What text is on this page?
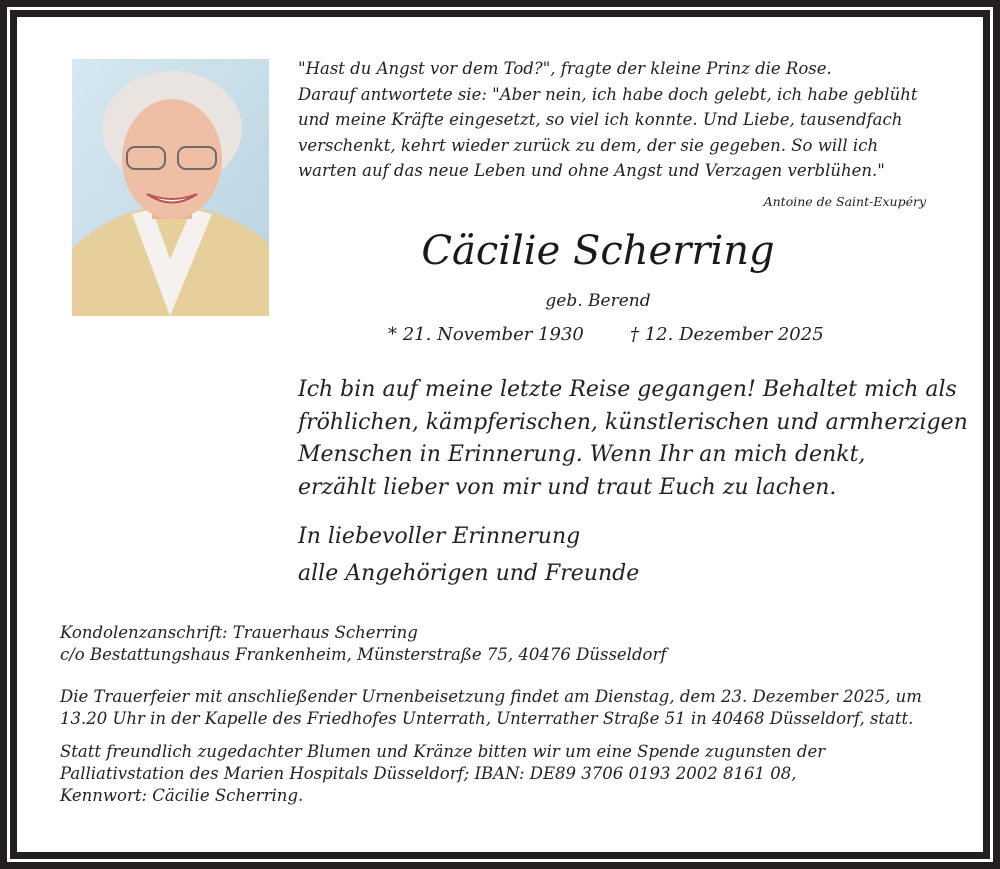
"Hast du Angst vor dem Tod?", fragte der kleine Prinz die Rose.
Darauf antwortete sie: "Aber nein, ich habe doch gelebt, ich habe geblüht
und meine Kräfte eingesetzt, so viel ich konnte. Und Liebe, tausendfach
verschenkt, kehrt wieder zurück zu dem, der sie gegeben. So will ich
warten auf das neue Leben und ohne Angst und Verzagen verblühen."
Antoine de Saint-Exupéry
Cäcilie Scherring
geb. Berend
* 21. November 1930	† 12. Dezember 2025
Ich bin auf meine letzte Reise gegangen! Behaltet mich als
fröhlichen, kämpferischen, künstlerischen und armherzigen
Menschen in Erinnerung. Wenn Ihr an mich denkt,
erzählt lieber von mir und traut Euch zu lachen.
In liebevoller Erinnerung
alle Angehörigen und Freunde
Kondolenzanschrift: Trauerhaus Scherring
c/o Bestattungshaus Frankenheim, Münsterstraße 75, 40476 Düsseldorf
Die Trauerfeier mit anschließender Urnenbeisetzung findet am Dienstag, dem 23. Dezember 2025, um
13.20 Uhr in der Kapelle des Friedhofes Unterrath, Unterrather Straße 51 in 40468 Düsseldorf, statt.
Statt freundlich zugedachter Blumen und Kränze bitten wir um eine Spende zugunsten der
Palliativstation des Marien Hospitals Düsseldorf; IBAN: DE89 3706 0193 2002 8161 08,
Kennwort: Cäcilie Scherring.
